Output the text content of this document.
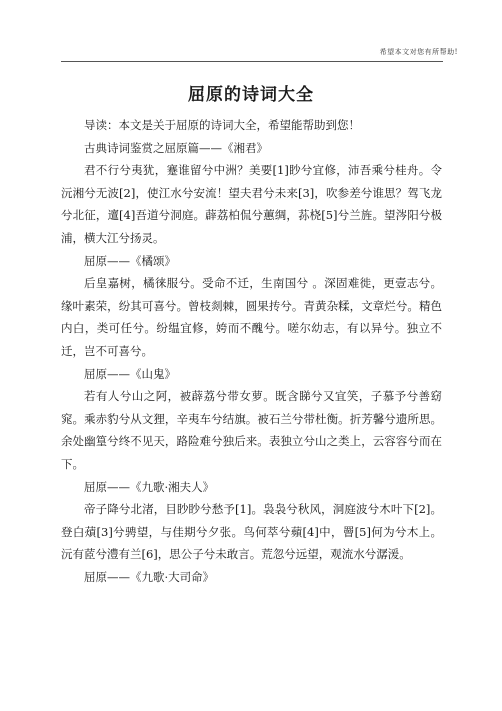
希望本文对您有所帮助!
屈原的诗词大全

导读：本文是关于屈原的诗词大全，希望能帮助到您！

古典诗词鉴赏之屈原篇——《湘君》

君不行兮夷犹，蹇谁留兮中洲？美要[1]眇兮宜修，沛吾乘兮桂舟。令沅湘兮无波[2]，使江水兮安流！望夫君兮未来[3]，吹参差兮谁思？驾飞龙兮北征，邅[4]吾道兮洞庭。薜荔柏侃兮蕙绸，荪桡[5]兮兰旌。望涔阳兮极浦，横大江兮扬灵。

屈原——《橘颂》

后皇嘉树，橘徕服兮。受命不迁，生南国兮 。深固难徙，更壹志兮。缘叶素荣，纷其可喜兮。曾枝剡棘，圆果抟兮。青黄杂糅，文章烂兮。精色内白，类可任兮。纷缊宜修，姱而不醜兮。嗟尔幼志，有以异兮。独立不迁，岂不可喜兮。

屈原——《山鬼》

若有人兮山之阿，被薜荔兮带女萝。既含睇兮又宜笑，子慕予兮善窈窕。乘赤豹兮从文狸，辛夷车兮结旗。被石兰兮带杜衡。折芳馨兮遗所思。余处幽篁兮终不见天，路险难兮独后来。表独立兮山之类上，云容容兮而在下。

屈原——《九歌·湘夫人》

帝子降兮北渚，目眇眇兮愁予[1]。袅袅兮秋风，洞庭波兮木叶下[2]。登白薠[3]兮骋望，与佳期兮夕张。鸟何萃兮蘋[4]中，罾[5]何为兮木上。沅有茝兮澧有兰[6]，思公子兮未敢言。荒忽兮远望，观流水兮潺湲。

屈原——《九歌·大司命》
